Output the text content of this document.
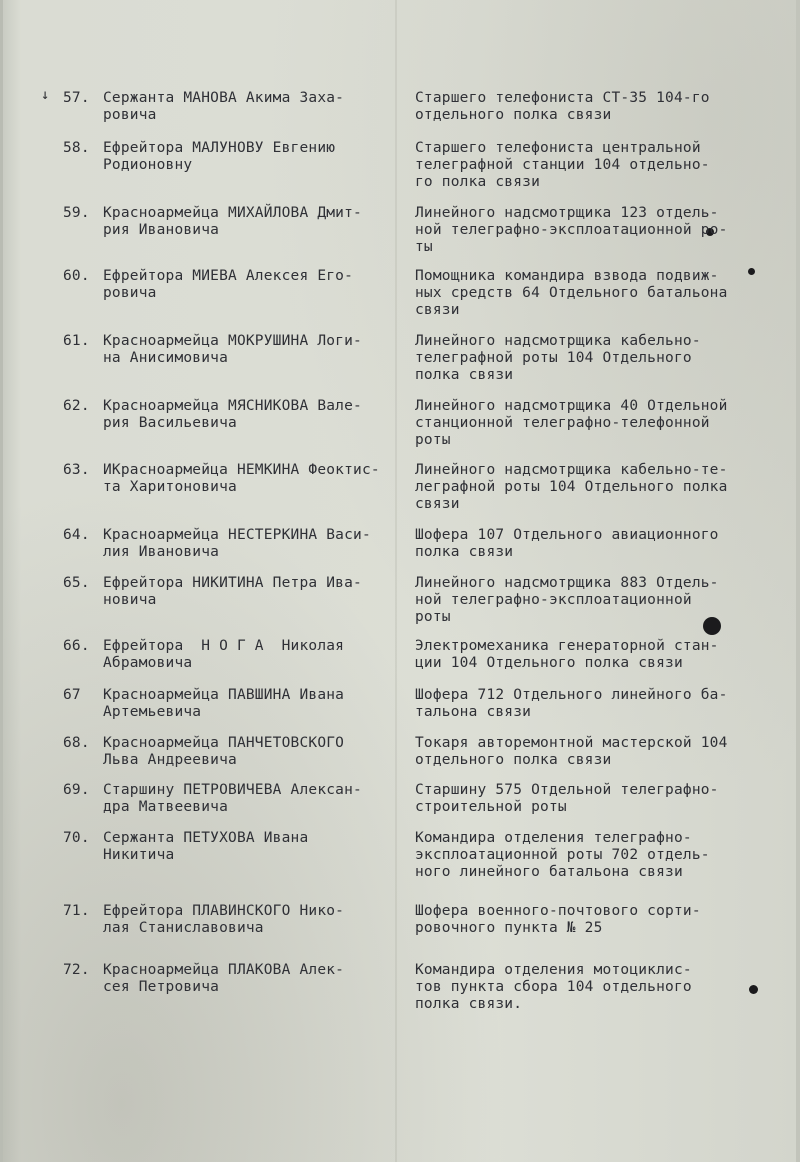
↓ 57. Сержанта МАНОВА Акима Заха-
ровича
Старшего телефониста СТ-35 104-го
отдельного полка связи
58. Ефрейтора МАЛУНОВУ Евгению
Родионовну
Старшего телефониста центральной
телеграфной станции 104 отдельно-
го полка связи
59. Красноармейца МИХАЙЛОВА Дмит-
рия Ивановича
Линейного надсмотрщика 123 отдель-
ной телеграфно-эксплоатационной ро-
ты
60. Ефрейтора МИЕВА Алексея Его-
ровича
Помощника командира взвода подвиж-
ных средств 64 Отдельного батальона
связи
61. Красноармейца МОКРУШИНА Логи-
на Анисимовича
Линейного надсмотрщика кабельно-
телеграфной роты 104 Отдельного
полка связи
62. Красноармейца МЯСНИКОВА Вале-
рия Васильевича
Линейного надсмотрщика 40 Отдельной
станционной телеграфно-телефонной
роты
63. ИКрасноармейца НЕМКИНА Феоктис-
та Харитоновича
Линейного надсмотрщика кабельно-те-
леграфной роты 104 Отдельного полка
связи
64. Красноармейца НЕСТЕРКИНА Васи-
лия Ивановича
Шофера 107 Отдельного авиационного
полка связи
65. Ефрейтора НИКИТИНА Петра Ива-
новича
Линейного надсмотрщика 883 Отдель-
ной телеграфно-эксплоатационной
роты
66. Ефрейтора  Н О Г А  Николая
Абрамовича
Электромеханика генераторной стан-
ции 104 Отдельного полка связи
67 Красноармейца ПАВШИНА Ивана
Артемьевича
Шофера 712 Отдельного линейного ба-
тальона связи
68. Красноармейца ПАНЧЕТОВСКОГО
Льва Андреевича
Токаря авторемонтной мастерской 104
отдельного полка связи
69. Старшину ПЕТРОВИЧЕВА Алексан-
дра Матвеевича
Старшину 575 Отдельной телеграфно-
строительной роты
70. Сержанта ПЕТУХОВА Ивана
Никитича
Командира отделения телеграфно-
эксплоатационной роты 702 отдель-
ного линейного батальона связи
71. Ефрейтора ПЛАВИНСКОГО Нико-
лая Станиславовича
Шофера военного-почтового сорти-
ровочного пункта № 25
72. Красноармейца ПЛАКОВА Алек-
сея Петровича
Командира отделения мотоциклис-
тов пункта сбора 104 отдельного
полка связи.
